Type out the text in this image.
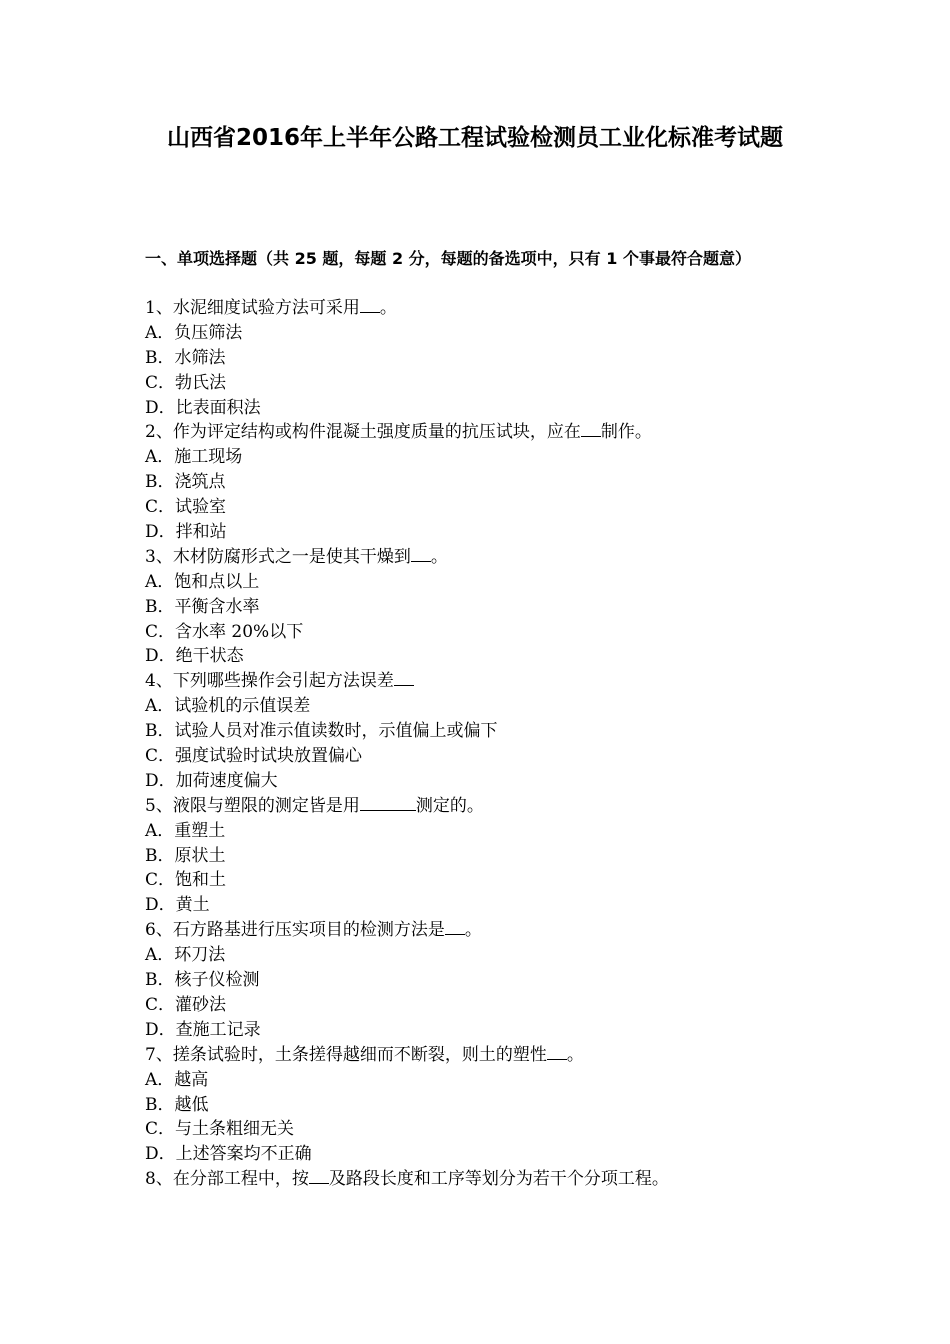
山西省2016年上半年公路工程试验检测员工业化标准考试题
一、单项选择题（共 25 题，每题 2 分，每题的备选项中，只有 1 个事最符合题意）
1、水泥细度试验方法可采用 。
A．负压筛法
B．水筛法
C．勃氏法
D．比表面积法
2、作为评定结构或构件混凝土强度质量的抗压试块，应在 制作。
A．施工现场
B．浇筑点
C．试验室
D．拌和站
3、木材防腐形式之一是使其干燥到 。
A．饱和点以上
B．平衡含水率
C．含水率 20%以下
D．绝干状态
4、下列哪些操作会引起方法误差
A．试验机的示值误差
B．试验人员对准示值读数时，示值偏上或偏下
C．强度试验时试块放置偏心
D．加荷速度偏大
5、液限与塑限的测定皆是用	测定的。
A．重塑土
B．原状土
C．饱和土
D．黄土
6、石方路基进行压实项目的检测方法是 。
A．环刀法
B．核子仪检测
C．灌砂法
D．查施工记录
7、搓条试验时，土条搓得越细而不断裂，则土的塑性 。
A．越高
B．越低
C．与土条粗细无关
D．上述答案均不正确
8、在分部工程中，按 及路段长度和工序等划分为若干个分项工程。
